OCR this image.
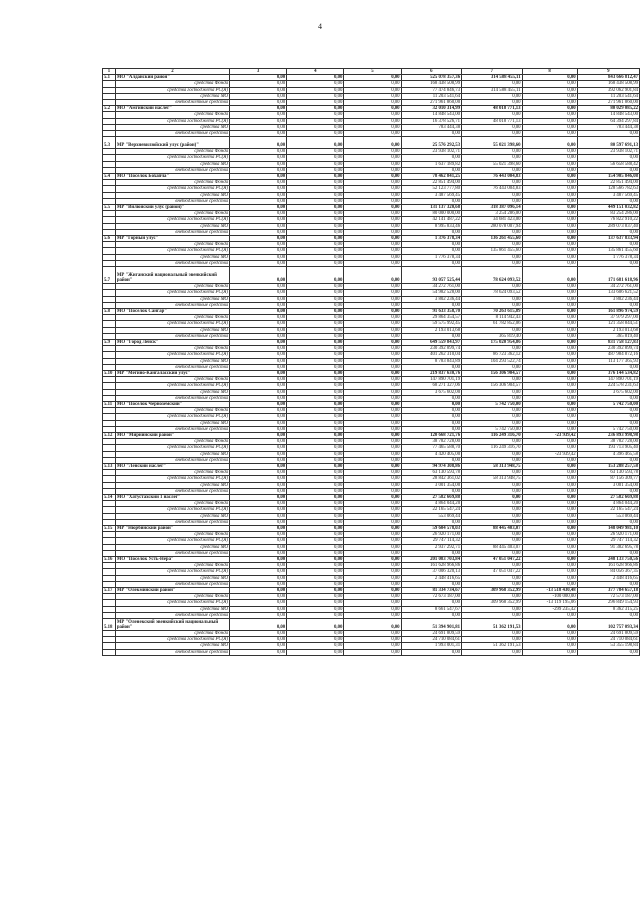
4
1	2	3	4	5	6	7	8	9
5.1	МО "Алданский район"	0,00	0,00	0,00	525 078 357,36	314 588 455,11	0,00	843 666 812,47
	средства Фонда	0,00	0,00	0,00	168 438 508,99	0,00	0,00	168 438 508,99
	средства госбюджета РС(Я)	0,00	0,00	0,00	77 474 846,73	314 588 455,11	0,00	392 062 901,84
	средства МО	0,00	0,00	0,00	11 203 541,64	0,00	0,00	11 203 541,64
	внебюджетные средства	0,00	0,00	0,00	271 961 860,00	0,00	0,00	271 961 860,00
5.2	МО "Амгинский наслег"	0,00	0,00	0,00	32 010 314,99	48 018 771,13	0,00	80 029 085,22
	средства Фонда	0,00	0,00	0,00	14 848 543,00	0,00	0,00	14 848 543,00
	средства госбюджета РС(Я)	0,00	0,00	0,00	16 378 526,71	48 018 771,13	0,00	64 394 297,84
	средства МО	0,00	0,00	0,00	783 444,38	0,00	0,00	783 444,38
	внебюджетные средства	0,00	0,00	0,00	0,00	0,00	0,00	0,00
5.3	МР "Верхневилюйский улус (район)"	0,00	0,00	0,00	25 576 292,53	55 021 398,60	0,00	80 597 691,13
	средства Фонда	0,00	0,00	0,00	23 938 102,71	0,00	0,00	23 938 102,71
	средства госбюджета РС(Я)	0,00	0,00	0,00	0,00	0,00	0,00	0,00
	средства МО	0,00	0,00	0,00	1 637 189,82	55 021 398,60	0,00	56 658 588,42
	внебюджетные средства	0,00	0,00	0,00	0,00	0,00	0,00	0,00
5.4	МО "Поселок Бохапча"	0,00	0,00	0,00	78 462 841,25	76 443 004,83	0,00	154 905 846,08
	средства Фонда	0,00	0,00	0,00	22 851 494,00	0,00	0,00	22 851 494,00
	средства госбюджета РС(Я)	0,00	0,00	0,00	52 123 777,80	76 443 004,83	0,00	128 566 782,63
	средства МО	0,00	0,00	0,00	3 487 569,45	0,00	0,00	3 487 569,45
	внебюджетные средства	0,00	0,00	0,00	0,00	0,00	0,00	0,00
5.5	МР "Вилюйский улус (район)"	0,00	0,00	0,00	131 137 320,68	318 387 096,14	0,00	449 151 032,82
	средства Фонда	0,00	0,00	0,00	80 000 000,00	3 254 286,00	0,00	83 254 286,00
	средства госбюджета РС(Я)	0,00	0,00	0,00	42 141 487,22	34 681 423,00	0,00	76 822 910,22
	средства МО	0,00	0,00	0,00	8 995 833,46	280 078 007,94	0,00	289 073 837,40
	внебюджетные средства	0,00	0,00	0,00	0,00	0,00	0,00	0,00
5.6	МР "Горный улус"	0,00	0,00	0,00	1 376 378,34	136 261 455,60	0,00	137 637 833,94
	средства Фонда	0,00	0,00	0,00	0,00	0,00	0,00	0,00
	средства госбюджета РС(Я)	0,00	0,00	0,00	0,00	135 861 455,60	0,00	135 861 455,60
	средства МО	0,00	0,00	0,00	1 776 378,34	0,00	0,00	1 776 378,34
	внебюджетные средства	0,00	0,00	0,00	0,00	0,00	0,00	0,00
5.7	МР "Жиганский национальный эвенкийский район"	0,00	0,00	0,00	93 057 525,44	78 624 093,52	0,00	171 681 618,96
	средства Фонда	0,00	0,00	0,00	34 272 761,00	0,00	0,00	34 272 761,00
	средства госбюджета РС(Я)	0,00	0,00	0,00	54 982 528,00	78 624 093,52	0,00	133 606 621,52
	средства МО	0,00	0,00	0,00	3 802 236,44	0,00	0,00	3 802 236,44
	внебюджетные средства	0,00	0,00	0,00	0,00	0,00	0,00	0,00
5.8	МО "Поселок Сангар"	0,00	0,00	0,00	91 633 358,70	70 263 615,89	0,00	161 896 974,59
	средства Фонда	0,00	0,00	0,00	29 864 354,57	8 114 942,43	0,00	37 979 297,00
	средства госбюджета РС(Я)	0,00	0,00	0,00	59 575 992,45	61 782 852,06	0,00	121 358 844,51
	средства МО	0,00	0,00	0,00	2 193 013,68	0,00	0,00	2 193 013,68
	внебюджетные средства	0,00	0,00	0,00	0,00	365 819,40	0,00	365 819,40
5.9	МО "Город Ленск"	0,00	0,00	0,00	649 559 843,97	175 020 954,86	0,00	831 758 127,83
	средства Фонда	0,00	0,00	0,00	230 392 899,74	0,00	0,00	230 392 899,74
	средства госбюджета РС(Я)	0,00	0,00	0,00	401 262 310,04	86 723 362,12	0,00	487 984 872,16
	средства МО	0,00	0,00	0,00	8 783 843,89	104 293 522,74	0,00	113 177 365,93
	внебюджетные средства	0,00	0,00	0,00	0,00	0,00	0,00	0,00
5.10	МР "Мегино-Кангаласский улус"	0,00	0,00	0,00	219 837 630,76	156 306 904,57	0,00	376 144 534,82
	средства Фонда	0,00	0,00	0,00	147 890 701,19	0,00	0,00	147 890 701,19
	средства госбюджета РС(Я)	0,00	0,00	0,00	68 271 327,06	156 306 904,57	0,00	224 578 231,63
	средства МО	0,00	0,00	0,00	3 675 602,00	0,00	0,00	3 675 602,00
	внебюджетные средства	0,00	0,00	0,00	0,00	0,00	0,00	0,00
5.11	МО "Поселок Черноземский"	0,00	0,00	0,00	0,00	5 742 750,00	0,00	5 742 750,00
	средства Фонда	0,00	0,00	0,00	0,00	0,00	0,00	0,00
	средства госбюджета РС(Я)	0,00	0,00	0,00	0,00	0,00	0,00	0,00
	средства МО	0,00	0,00	0,00	0,00	0,00	0,00	0,00
	внебюджетные средства	0,00	0,00	0,00	0,00	5 742 750,00	0,00	5 742 750,00
5.12	МО "Мирнинский район"	0,00	0,00	0,00	120 668 721,76	116 249 316,70	-23 939,42	236 893 998,98
	средства Фонда	0,00	0,00	0,00	38 782 728,00	0,00	0,00	38 782 728,00
	средства госбюджета РС(Я)	0,00	0,00	0,00	77 465 588,70	116 249 316,70	0,00	193 713 905,40
	средства МО	0,00	0,00	0,00	4 420 405,00	0,00	-23 939,42	4 396 465,58
	внебюджетные средства	0,00	0,00	0,00	0,00	0,00	0,00	0,00
5.13	МО "Ленский наслег"	0,00	0,00	0,00	94 974 308,86	58 313 948,75	0,00	153 288 257,58
	средства Фонда	0,00	0,00	0,00	63 130 593,78	0,00	0,00	63 130 593,78
	средства госбюджета РС(Я)	0,00	0,00	0,00	28 842 361,02	58 313 948,75	0,00	87 156 309,77
	средства МО	0,00	0,00	0,00	3 001 354,00	0,00	0,00	3 001 354,00
	внебюджетные средства	0,00	0,00	0,00	0,00	0,00	0,00	0,00
5.14	МО "Хатустахский 1 наслег"	0,00	0,00	0,00	27 582 669,88	0,00	0,00	27 582 669,88
	средства Фонда	0,00	0,00	0,00	4 864 044,20	0,00	0,00	4 864 044,20
	средства госбюджета РС(Я)	0,00	0,00	0,00	22 165 547,24	0,00	0,00	22 165 547,24
	средства МО	0,00	0,00	0,00	553 069,44	0,00	0,00	553 069,44
	внебюджетные средства	0,00	0,00	0,00	0,00	0,00	0,00	0,00
5.15	МР "Нюрбинский район"	0,00	0,00	0,00	59 604 578,03	88 445 403,07	0,00	148 049 981,10
	средства Фонда	0,00	0,00	0,00	26 920 171,00	0,00	0,00	26 920 171,00
	средства госбюджета РС(Я)	0,00	0,00	0,00	29 747 114,32	0,00	0,00	29 747 114,32
	средства МО	0,00	0,00	0,00	2 937 292,71	88 445 403,07	0,00	91 382 695,78
	внебюджетные средства	0,00	0,00	0,00	0,00	0,00	0,00	0,00
5.16	МО "Поселок Усть-Нера"	0,00	0,00	0,00	201 083 703,84	47 051 047,22	0,00	248 133 750,56
	средства Фонда	0,00	0,00	0,00	161 628 966,86	0,00	0,00	161 628 966,86
	средства госбюджета РС(Я)	0,00	0,00	0,00	37 006 320,13	47 051 047,22	0,00	84 056 367,35
	средства МО	0,00	0,00	0,00	2 448 416,65	0,00	0,00	2 448 416,65
	внебюджетные средства	0,00	0,00	0,00	0,00	0,00	0,00	0,00
5.17	МР "Олекминский район"	0,00	0,00	0,00	81 334 734,67	309 968 352,99	-13 518 430,48	377 784 657,18
	средства Фонда	0,00	0,00	0,00	72 673 187,00	0,00	-100 000,00	72 573 187,00
	средства госбюджета РС(Я)	0,00	0,00	0,00	0,00	309 968 352,99	-13 119 195,06	296 849 154,93
	средства МО	0,00	0,00	0,00	8 661 547,67	0,00	-299 235,42	8 362 315,25
	внебюджетные средства	0,00	0,00	0,00	0,00	0,00	0,00	0,00
5.18	МР "Оленекский эвенкийский национальный район"	0,00	0,00	0,00	51 394 901,81	51 362 191,53	0,00	102 757 093,34
	средства Фонда	0,00	0,00	0,00	24 691 809,59	0,00	0,00	24 691 809,59
	средства госбюджета РС(Я)	0,00	0,00	0,00	24 710 084,61	0,00	0,00	24 710 084,61
	средства МО	0,00	0,00	0,00	1 993 001,31	51 362 191,53	0,00	53 355 198,84
	внебюджетные средства	0,00	0,00	0,00	0,00	0,00	0,00	0,00
